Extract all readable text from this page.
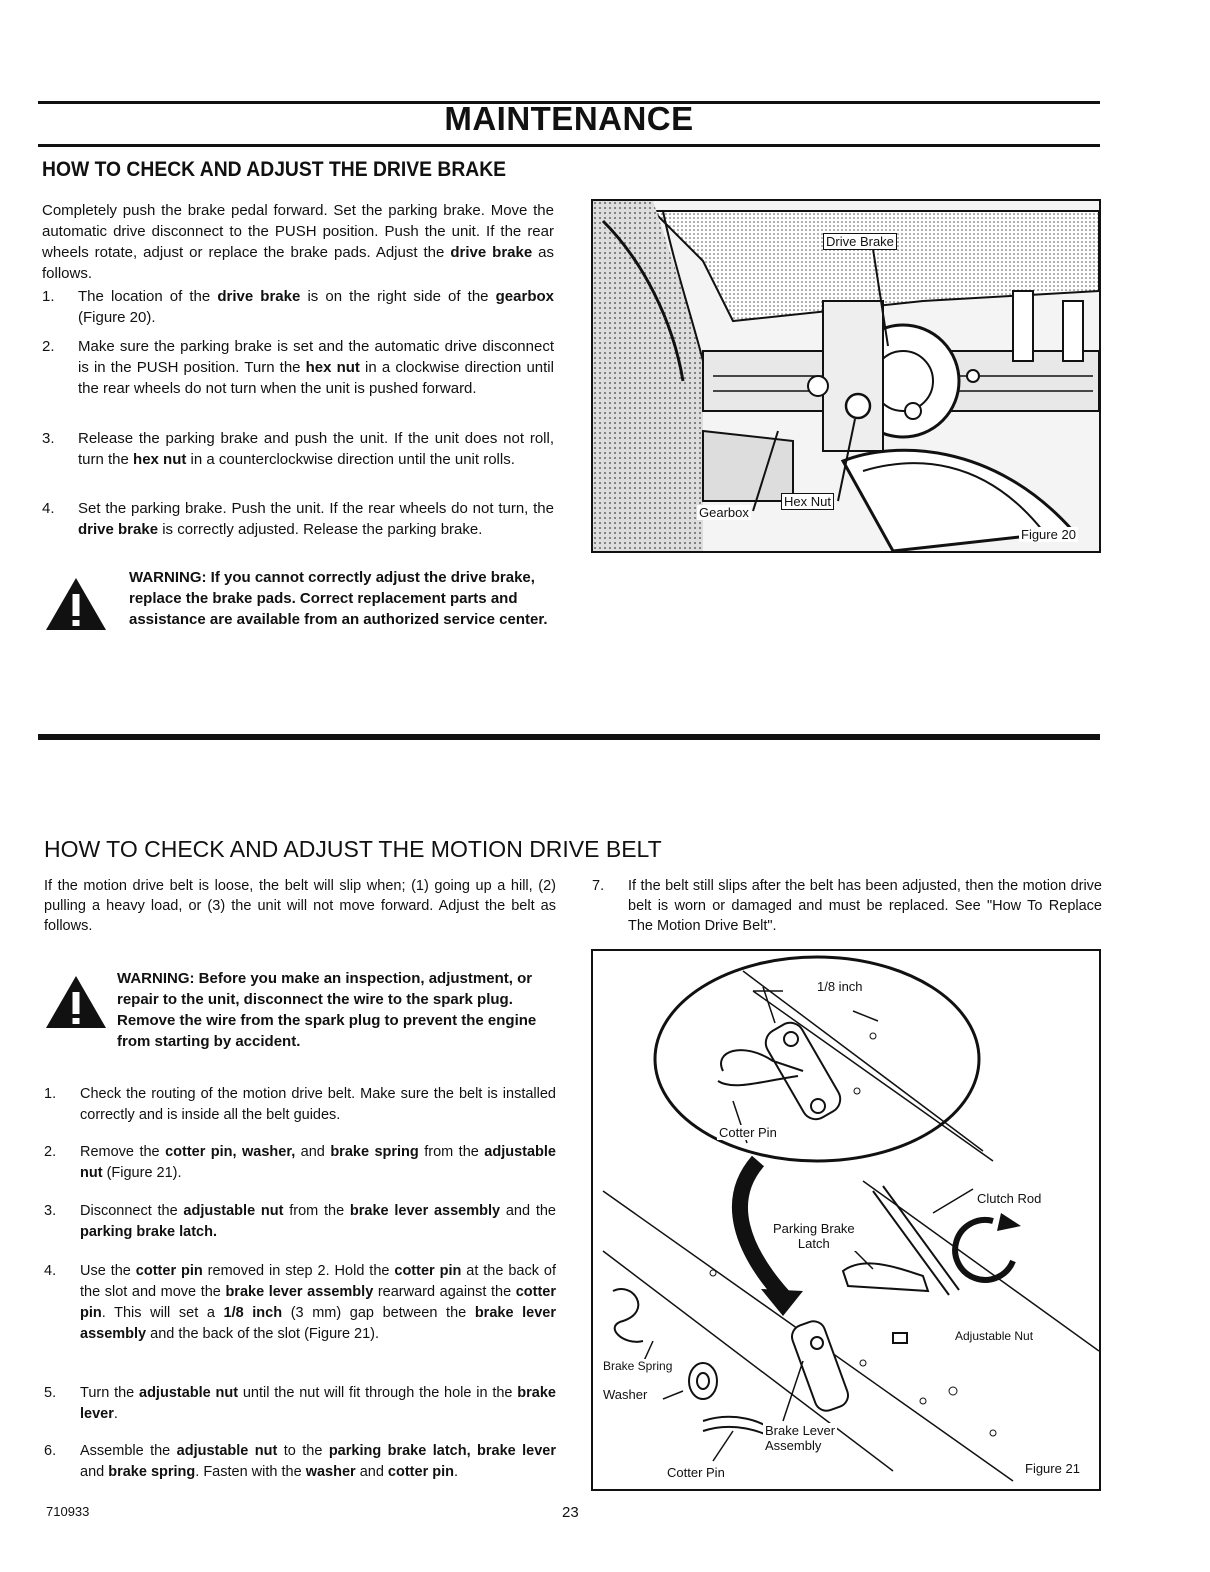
MAINTENANCE
HOW TO CHECK AND ADJUST THE DRIVE BRAKE
Completely push the brake pedal forward. Set the parking brake. Move the automatic drive disconnect to the PUSH position. Push the unit. If the rear wheels rotate, adjust or replace the brake pads. Adjust the drive brake as follows.
1. The location of the drive brake is on the right side of the gearbox (Figure 20).
2. Make sure the parking brake is set and the automatic drive disconnect is in the PUSH position. Turn the hex nut in a clockwise direction until the rear wheels do not turn when the unit is pushed forward.
3. Release the parking brake and push the unit. If the unit does not roll, turn the hex nut in a counterclockwise direction until the unit rolls.
4. Set the parking brake. Push the unit. If the rear wheels do not turn, the drive brake is correctly adjusted. Release the parking brake.
WARNING: If you cannot correctly adjust the drive brake, replace the brake pads. Correct replacement parts and assistance are available from an authorized service center.
Drive Brake
Gearbox
Hex Nut
Figure 20
HOW TO CHECK AND ADJUST THE MOTION DRIVE BELT
If the motion drive belt is loose, the belt will slip when; (1) going up a hill, (2) pulling a heavy load, or (3) the unit will not move forward. Adjust the belt as follows.
WARNING: Before you make an inspection, adjustment, or repair to the unit, disconnect the wire to the spark plug. Remove the wire from the spark plug to prevent the engine from starting by accident.
1. Check the routing of the motion drive belt. Make sure the belt is installed correctly and is inside all the belt guides.
2. Remove the cotter pin, washer, and brake spring from the adjustable nut (Figure 21).
3. Disconnect the adjustable nut from the brake lever assembly and the parking brake latch.
4. Use the cotter pin removed in step 2. Hold the cotter pin at the back of the slot and move the brake lever assembly rearward against the cotter pin. This will set a 1/8 inch (3 mm) gap between the brake lever assembly and the back of the slot (Figure 21).
5. Turn the adjustable nut until the nut will fit through the hole in the brake lever.
6. Assemble the adjustable nut to the parking brake latch, brake lever and brake spring. Fasten with the washer and cotter pin.
7. If the belt still slips after the belt has been adjusted, then the motion drive belt is worn or damaged and must be replaced. See "How To Replace The Motion Drive Belt".
1/8 inch
Cotter Pin
Clutch Rod
Parking Brake
Latch
Adjustable Nut
Brake Spring
Washer
Brake Lever
Assembly
Cotter Pin	Figure 21
710933	23
